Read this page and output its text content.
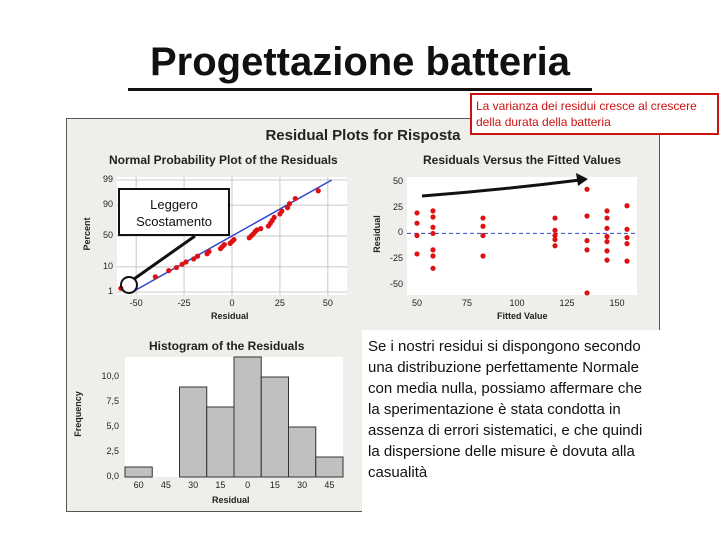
Progettazione batteria
Residual Plots for Risposta
Normal Probability Plot of the Residuals	Residuals Versus the Fitted Values
Histogram of the Residuals
Residual
Percent
Fitted Value
Residual
Residual
Frequency
-50	-25	0	25	50
99
90
50
10
1
50	75	100	125	150
50
25
0
-25
-50
10,0
7,5
5,0
2,5
0,0
60	45	30	15	0	15	30	45
La varianza dei residui cresce al crescere della durata della batteria
Leggero Scostamento
Se i nostri residui si dispongono secondo una distribuzione perfettamente Normale con media nulla, possiamo affermare che la sperimentazione è stata condotta in assenza di errori sistematici, e che quindi la dispersione delle misure è dovuta alla casualità
